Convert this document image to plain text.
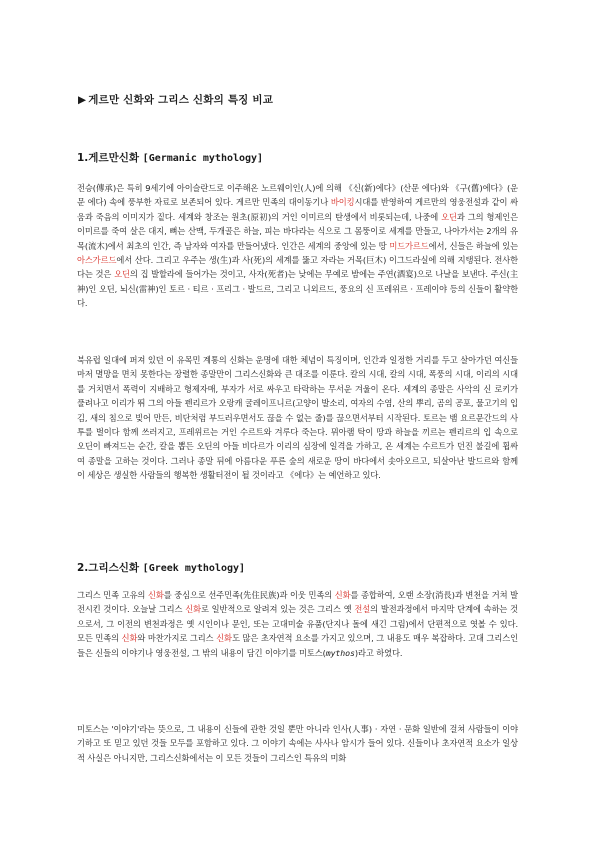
▶ 게르만 신화와 그리스 신화의 특징 비교
1.게르만신화 [Germanic mythology]

전승(傳承)은 특히 9세기에 아이슬란드로 이주해온 노르웨이인(人)에 의해 《신(新)에다》(산문 에다)와 《구(舊)에다》(운문 에다) 속에 풍부한 자료로 보존되어 있다. 게르만 민족의 대이동기나 바이킹시대를 반영하여 게르만의 영웅전설과 같이 싸움과 죽음의 이미지가 짙다. 세계와 창조는 원초(原初)의 거인 이미르의 탄생에서 비롯되는데, 나중에 오딘과 그의 형제인은 이미르를 죽여 살은 대지, 뼈는 산맥, 두개골은 하늘, 피는 바다라는 식으로 그 몸뚱이로 세계를 만들고, 나아가서는 2개의 유목(流木)에서 최초의 인간, 즉 남자와 여자를 만들어냈다. 인간은 세계의 중앙에 있는 땅 미드가르드에서, 신들은 하늘에 있는 아스가르드에서 산다. 그리고 우주는 생(生)과 사(死)의 세계를 뚫고 자라는 거목(巨木) 이그드라실에 의해 지탱된다. 전사한다는 것은 오딘의 집 발할라에 들어가는 것이고, 사자(死者)는 낮에는 무예로 밤에는 주연(酒宴)으로 나날을 보낸다. 주신(主神)인 오딘, 뇌신(雷神)인 토르 · 티르 · 프리그 · 발드르, 그리고 니외르드, 풍요의 신 프레위르 · 프레이야 등의 신들이 활약한다.

북유럽 일대에 퍼져 있던 이 유목민 계통의 신화는 운명에 대한 체념이 특징이며, 인간과 일정한 거리를 두고 살아가던 여신들마저 멸망을 면치 못한다는 장렬한 종말만이 그리스신화와 큰 대조를 이룬다. 칼의 시대, 칼의 시대, 폭풍의 시대, 이리의 시대를 거치면서 폭력이 지배하고 형제자매, 부자가 서로 싸우고 타락하는 무서운 겨울이 온다. 세계의 종말은 사악의 신 로키가 풀려나고 이리가 뛰 그의 아들 펜리르가 오랑캐 굴레이프니르(고양이 발소리, 여자의 수염, 산의 뿌리, 곰의 공포, 물고기의 입김, 새의 침으로 빚어 만든, 비단처럼 부드러우면서도 끊을 수 없는 줄)를 끊으면서부터 시작된다. 토르는 뱀 요르문간드의 사투를 벌이다 함께 쓰러지고, 프레위르는 거인 수르트와 겨루다 죽는다. 뮈아램 탁이 땅과 하늘을 끼르는 펜리르의 입 속으로 오딘이 빠져드는 순간, 칼을 뽑든 오딘의 아들 비다르가 이리의 심장에 일격을 가하고, 온 세계는 수르트가 던진 불길에 휩싸여 종말을 고하는 것이다. 그러나 종말 뒤에 아름다운 푸른 숲의 새로운 땅이 바다에서 솟아오르고, 되살아난 발드르와 함께 이 세상은 생실한 사람들의 행복한 생활터전이 될 것이라고 《에다》는 예언하고 있다.

2.그리스신화 [Greek mythology]

그리스 민족 고유의 신화를 중심으로 선주민족(先住民族)과 이웃 민족의 신화를 종합하여, 오랜 소장(消長)과 변천을 거쳐 발전시킨 것이다. 오늘날 그리스 신화로 일반적으로 알려져 있는 것은 그리스 옛 전설의 발전과정에서 마지막 단계에 속하는 것으로서, 그 이전의 변천과정은 옛 시인이나 문인, 또는 고대미술 유품(단지나 돌에 새긴 그림)에서 단편적으로 엿볼 수 있다. 모든 민족의 신화와 마찬가지로 그리스 신화도 많은 초자연적 요소를 가지고 있으며, 그 내용도 매우 복잡하다. 고대 그리스인들은 신들의 이야기나 영웅전설, 그 밖의 내용이 담긴 이야기를 미토스(mythos)라고 하였다.

미토스는 '이야기'라는 뜻으로, 그 내용이 신들에 관한 것일 뿐만 아니라 인사(人事) · 자연 · 문화 일반에 걸쳐 사람들이 이야기하고 또 믿고 있던 것들 모두를 포함하고 있다. 그 이야기 속에는 사사나 암시가 들어 있다. 신들이나 초자연적 요소가 일상적 사실은 아니지만, 그리스신화에서는 이 모든 것들이 그리스인 특유의 미화
